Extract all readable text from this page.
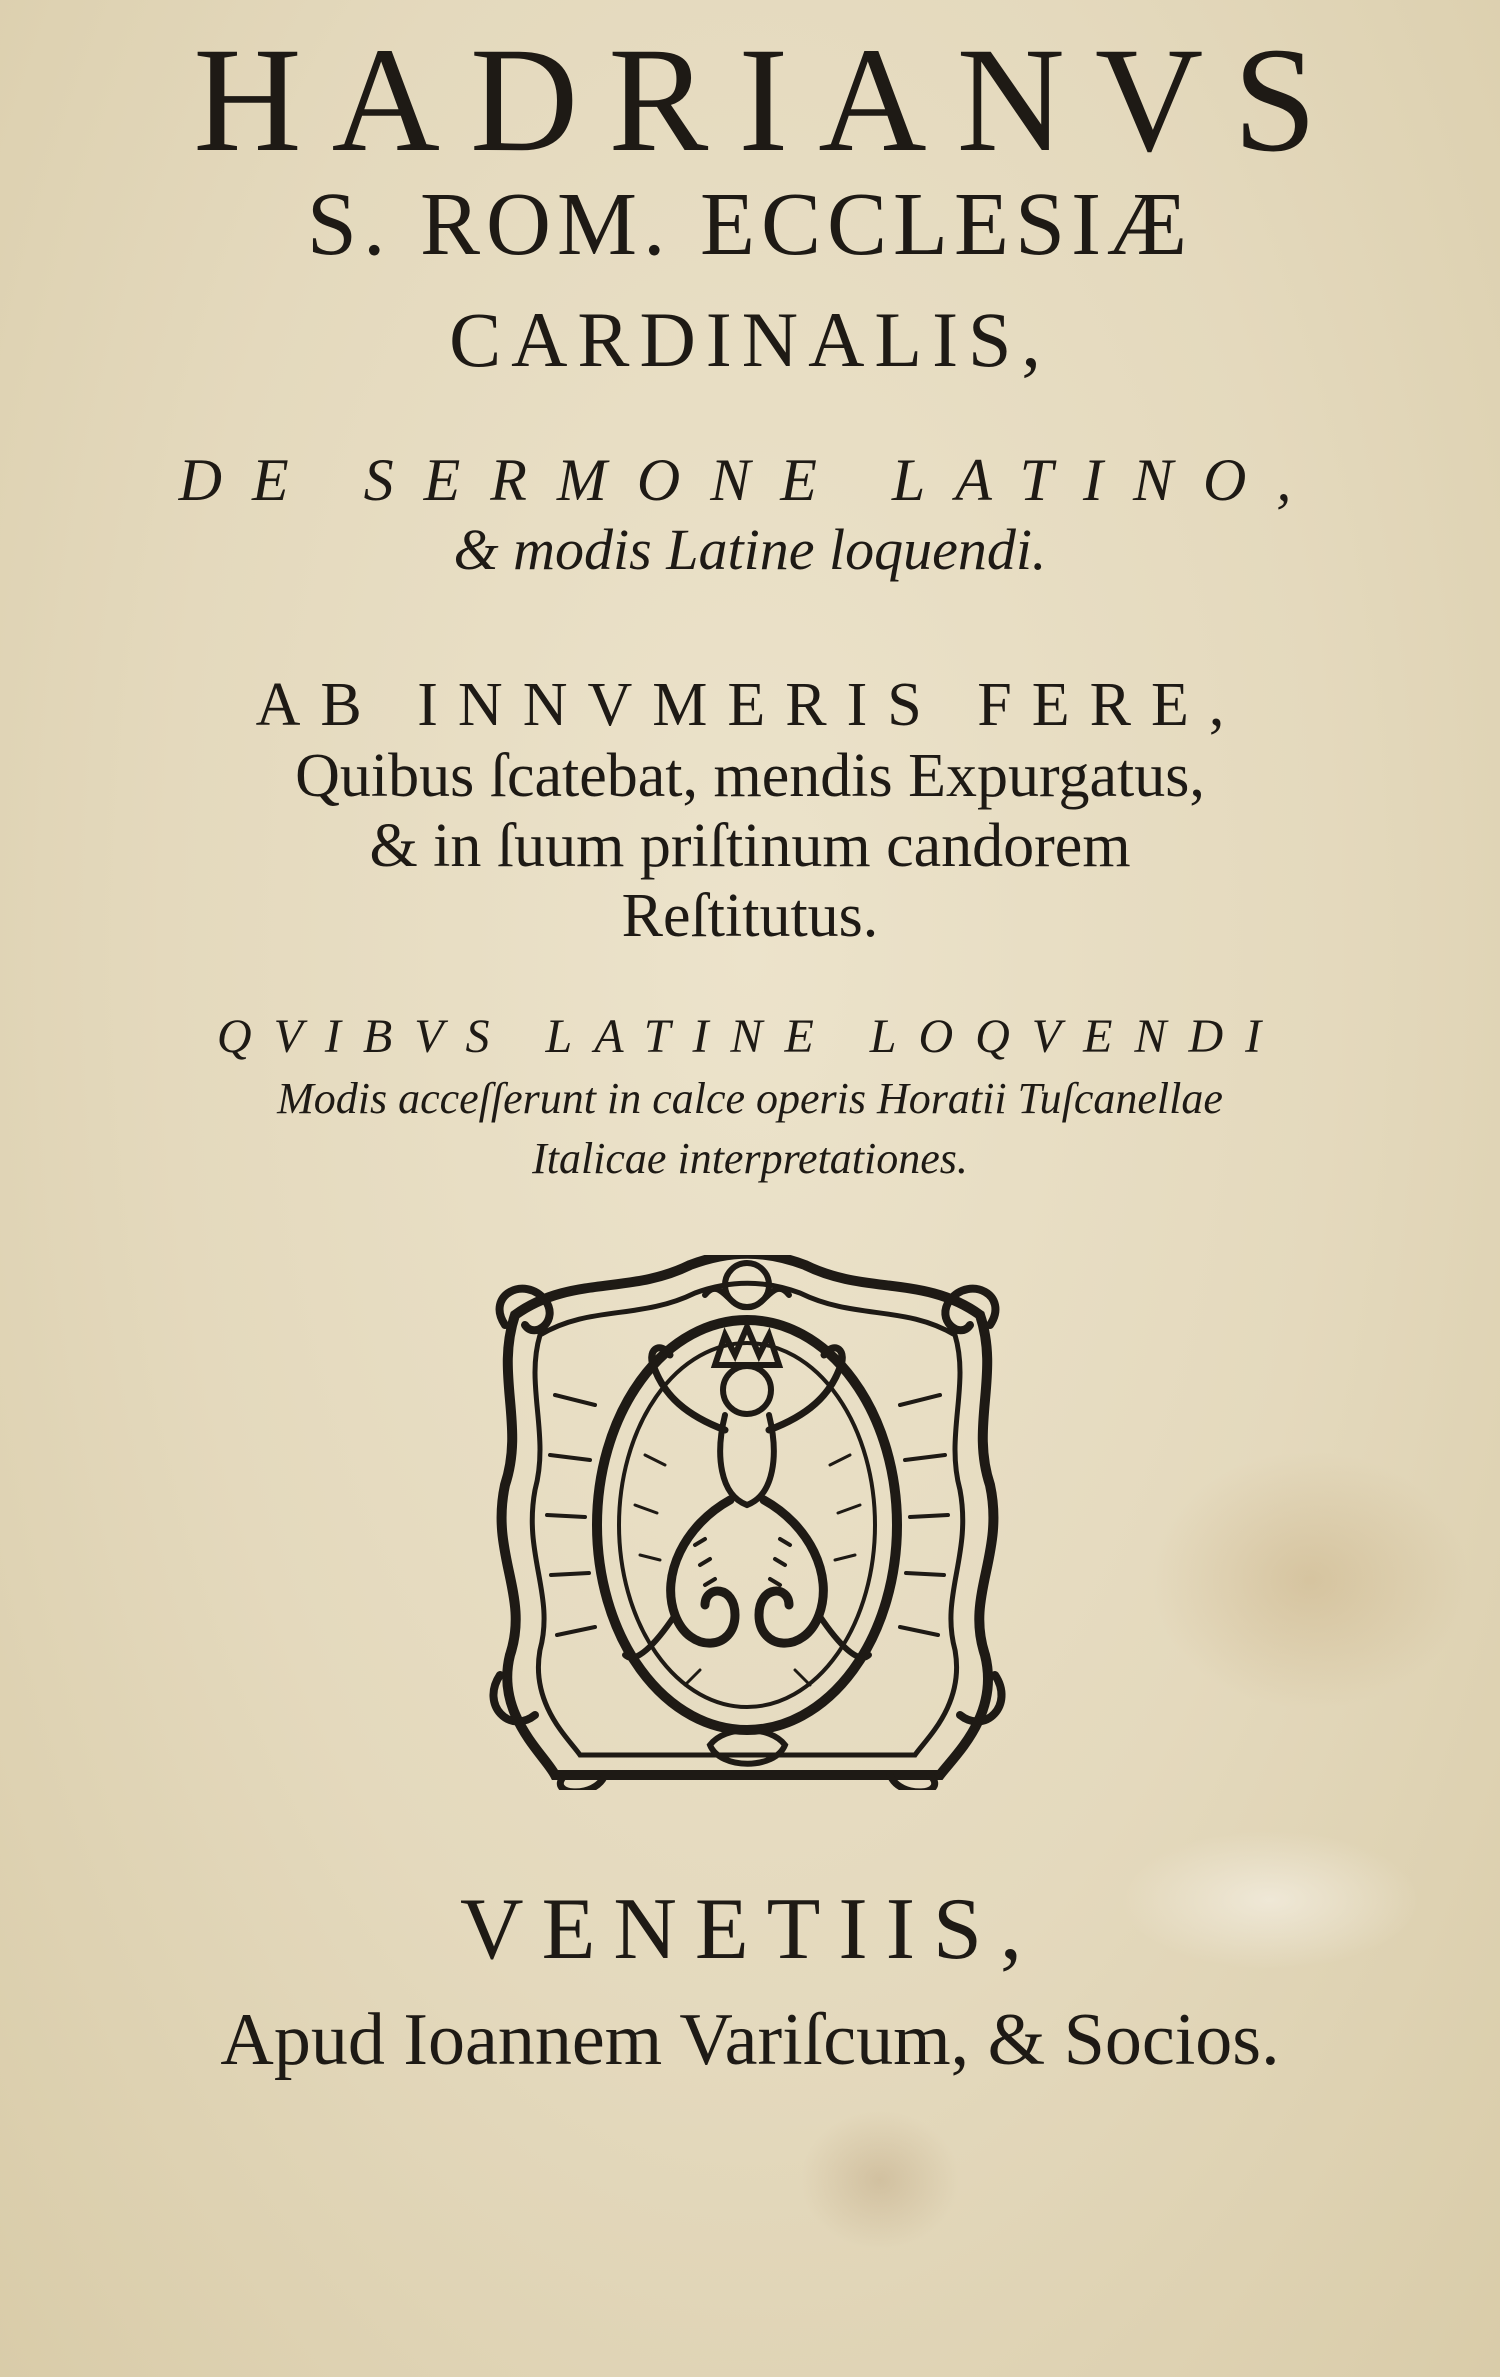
HADRIANVS
S. ROM. ECCLESIÆ
CARDINALIS,
DE SERMONE LATINO,
& modis Latine loquendi.
AB INNVMERIS FERE,
Quibus ſcatebat, mendis Expurgatus,
& in ſuum priſtinum candorem
Reſtitutus.
QVIBVS LATINE LOQVENDI
Modis acceſſerunt in calce operis Horatii Tuſcanellae
Italicae interpretationes.
VENETIIS,
Apud Ioannem Variſcum, & Socios.
